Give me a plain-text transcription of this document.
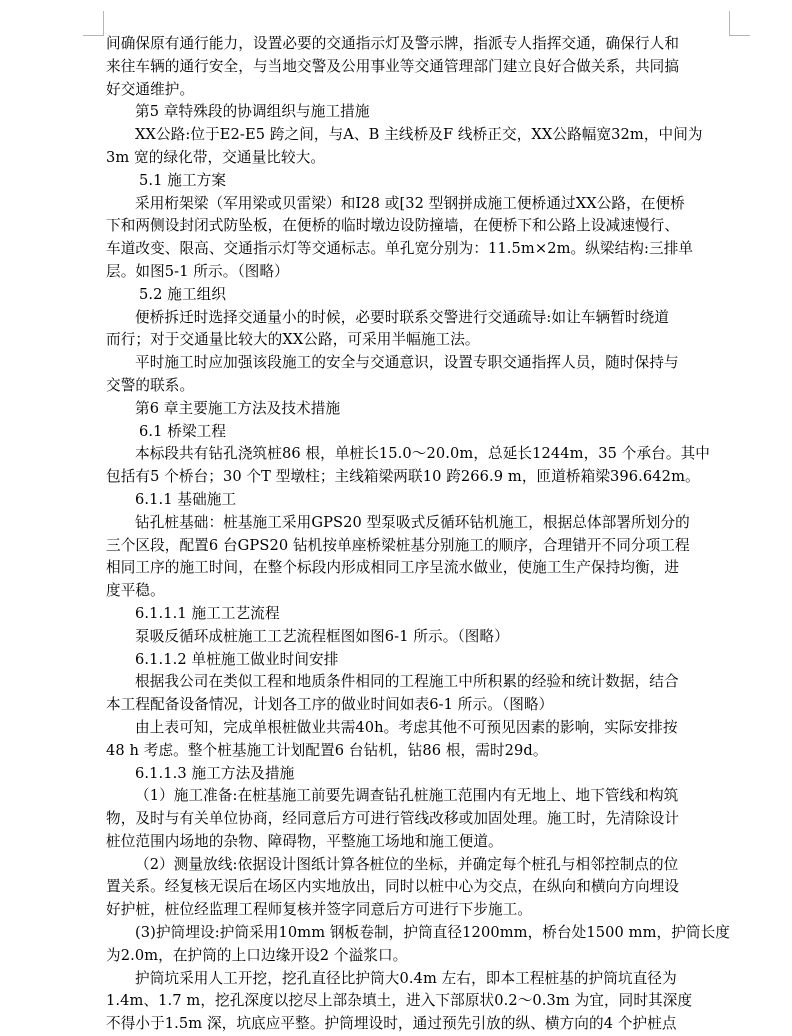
间确保原有通行能力，设置必要的交通指示灯及警示牌，指派专人指挥交通，确保行人和
来往车辆的通行安全，与当地交警及公用事业等交通管理部门建立良好合做关系，共同搞
好交通维护。
第5 章特殊段的协调组织与施工措施
XX公路:位于E2-E5 跨之间，与A、B 主线桥及F 线桥正交，XX公路幅宽32m，中间为
3m 宽的绿化带，交通量比较大。
5.1 施工方案
采用桁架梁（军用梁或贝雷梁）和I28 或[32 型钢拼成施工便桥通过XX公路，在便桥
下和两侧设封闭式防坠板，在便桥的临时墩边设防撞墙，在便桥下和公路上设减速慢行、
车道改变、限高、交通指示灯等交通标志。单孔宽分别为：11.5m×2m。纵梁结构:三排单
层。如图5-1 所示。（图略）
5.2 施工组织
便桥拆迁时选择交通量小的时候，必要时联系交警进行交通疏导:如让车辆暂时绕道
而行；对于交通量比较大的XX公路，可采用半幅施工法。
平时施工时应加强该段施工的安全与交通意识，设置专职交通指挥人员，随时保持与
交警的联系。
第6 章主要施工方法及技术措施
6.1 桥梁工程
本标段共有钻孔浇筑桩86 根，单桩长15.0～20.0m，总延长1244m，35 个承台。其中
包括有5 个桥台；30 个T 型墩柱；主线箱梁两联10 跨266.9 m，匝道桥箱梁396.642m。
6.1.1 基础施工
钻孔桩基础：桩基施工采用GPS20 型泵吸式反循环钻机施工，根据总体部署所划分的
三个区段，配置6 台GPS20 钻机按单座桥梁桩基分别施工的顺序，合理错开不同分项工程
相同工序的施工时间，在整个标段内形成相同工序呈流水做业，使施工生产保持均衡，进
度平稳。
6.1.1.1 施工工艺流程
泵吸反循环成桩施工工艺流程框图如图6-1 所示。（图略）
6.1.1.2 单桩施工做业时间安排
根据我公司在类似工程和地质条件相同的工程施工中所积累的经验和统计数据，结合
本工程配备设备情况，计划各工序的做业时间如表6-1 所示。（图略）
由上表可知，完成单根桩做业共需40h。考虑其他不可预见因素的影响，实际安排按
48 h 考虑。整个桩基施工计划配置6 台钻机，钻86 根，需时29d。
6.1.1.3 施工方法及措施
（1）施工准备:在桩基施工前要先调查钻孔桩施工范围内有无地上、地下管线和构筑
物，及时与有关单位协商，经同意后方可进行管线改移或加固处理。施工时，先清除设计
桩位范围内场地的杂物、障碍物，平整施工场地和施工便道。
（2）测量放线:依据设计图纸计算各桩位的坐标，并确定每个桩孔与相邻控制点的位
置关系。经复核无误后在场区内实地放出，同时以桩中心为交点，在纵向和横向方向埋设
好护桩，桩位经监理工程师复核并签字同意后方可进行下步施工。
(3)护筒埋设:护筒采用10mm 钢板卷制，护筒直径1200mm，桥台处1500 mm，护筒长度
为2.0m，在护筒的上口边缘开设2 个溢浆口。
护筒坑采用人工开挖，挖孔直径比护筒大0.4m 左右，即本工程桩基的护筒坑直径为
1.4m、1.7 m，挖孔深度以挖尽上部杂填土，进入下部原状0.2～0.3m 为宜，同时其深度
不得小于1.5m 深，坑底应平整。护筒埋设时，通过预先引放的纵、横方向的4 个护桩点
